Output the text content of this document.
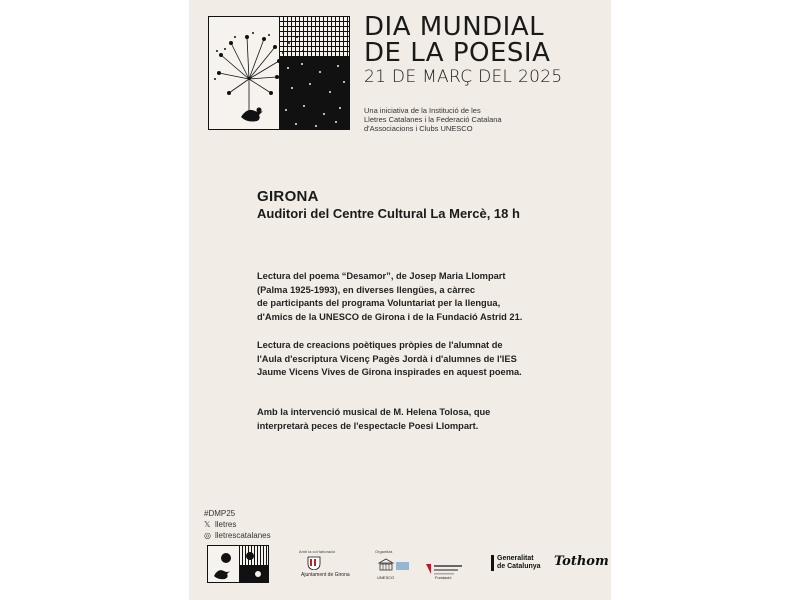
DIA MUNDIAL
DE LA POESIA
21 DE MARÇ DEL 2025
Una iniciativa de la Institució de les
Lletres Catalanes i la Federació Catalana
d'Associacions i Clubs UNESCO
GIRONA
Auditori del Centre Cultural La Mercè, 18 h
Lectura del poema “Desamor”, de Josep Maria Llompart
(Palma 1925-1993), en diverses llengües, a càrrec
de participants del programa Voluntariat per la llengua,
d'Amics de la UNESCO de Girona i de la Fundació Astrid 21.
Lectura de creacions poètiques pròpies de l'alumnat de
l'Aula d'escriptura Vicenç Pagès Jordà i d'alumnes de l'IES
Jaume Vicens Vives de Girona inspirades en aquest poema.
Amb la intervenció musical de M. Helena Tolosa, que
interpretarà peces de l'espectacle Poesi Llompart.
#DMP25
𝕏 lletres
◎ lletrescatalanes
Amb la col·laboració
Ajuntament de Girona
Organitza
UNESCO	Fundació
Generalitat
de Catalunya Tothom
